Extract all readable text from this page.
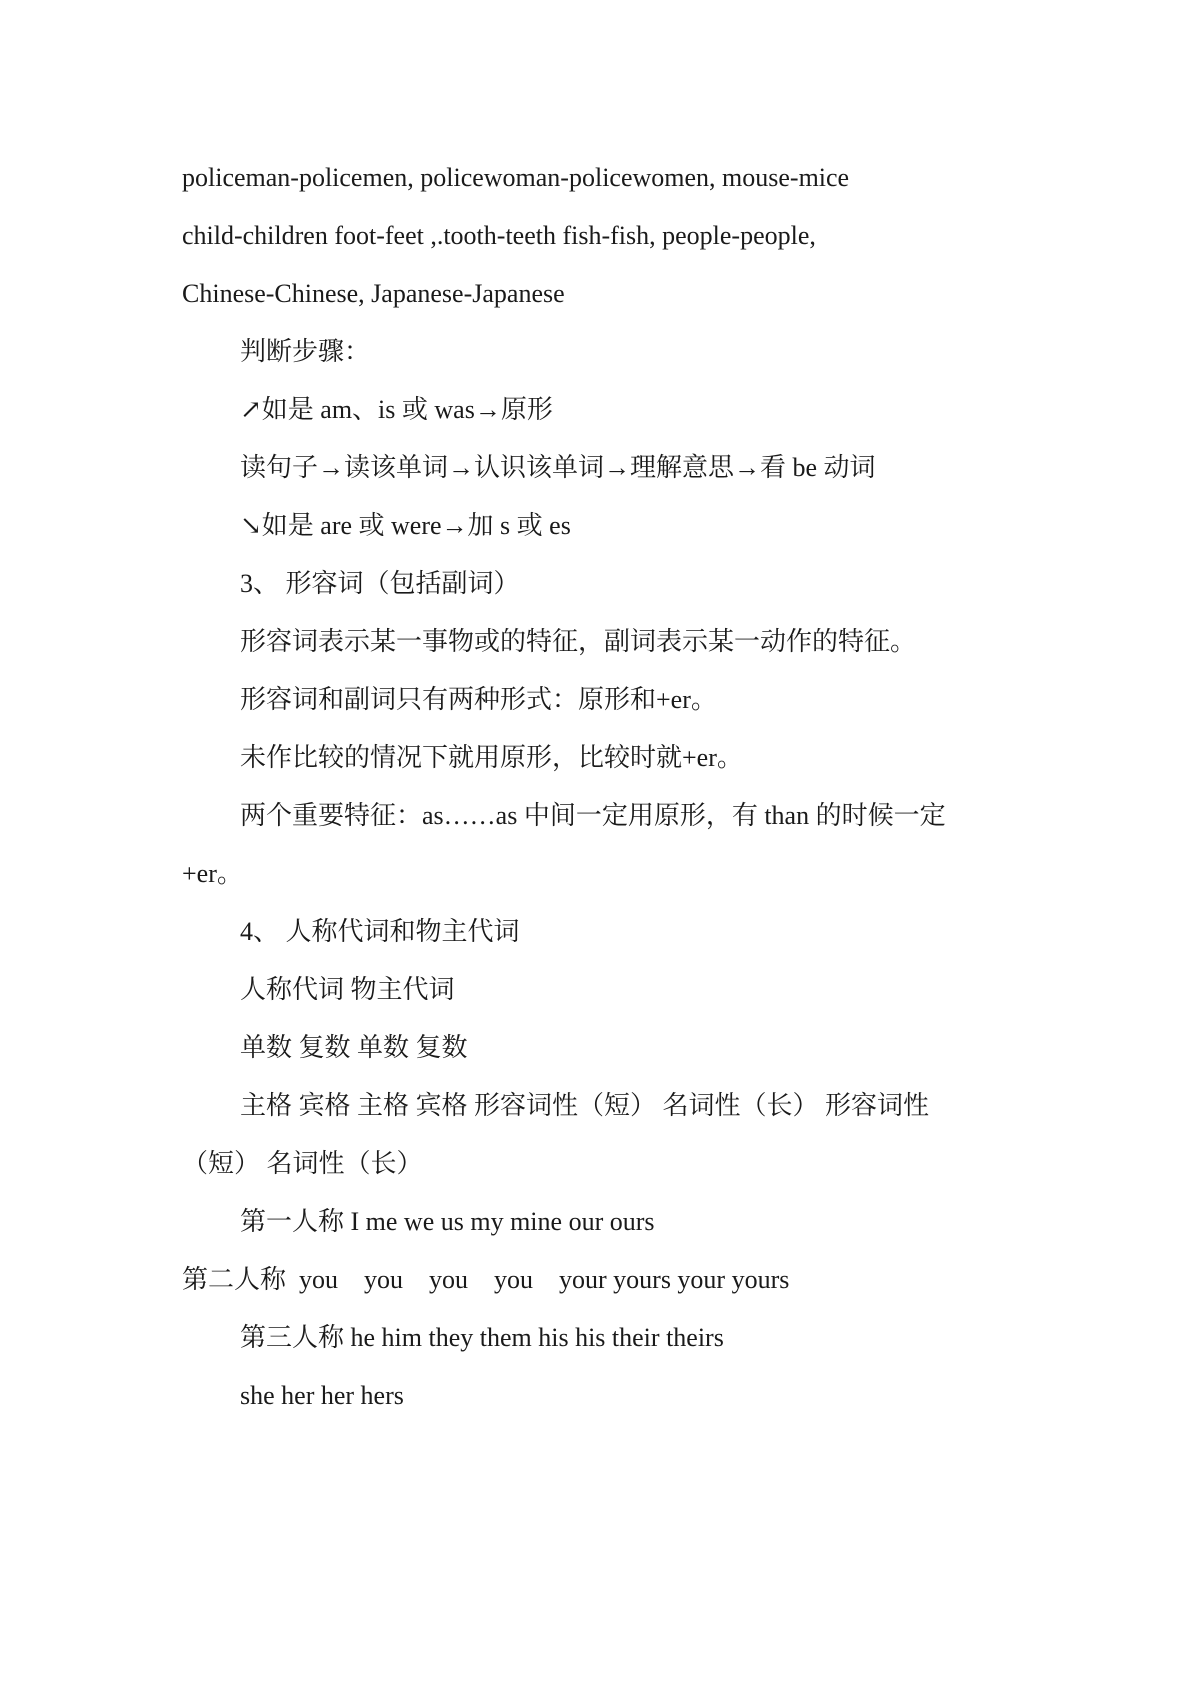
policeman-policemen, policewoman-policewomen, mouse-mice

child-children foot-feet ,.tooth-teeth fish-fish, people-people,

Chinese-Chinese, Japanese-Japanese

判断步骤：

↗如是 am、is 或 was→原形

读句子→读该单词→认识该单词→理解意思→看 be 动词

↘如是 are 或 were→加 s 或 es

3、 形容词（包括副词）

形容词表示某一事物或的特征，副词表示某一动作的特征。

形容词和副词只有两种形式：原形和+er。

未作比较的情况下就用原形，比较时就+er。

两个重要特征：as……as 中间一定用原形，有 than 的时候一定

+er。

4、 人称代词和物主代词

人称代词 物主代词

单数 复数 单数 复数

主格 宾格 主格 宾格 形容词性（短） 名词性（长） 形容词性

（短） 名词性（长）

第一人称 I me we us my mine our ours

第二人称  you    you    you    you    your yours your yours

第三人称 he him they them his his their theirs

she her her hers
